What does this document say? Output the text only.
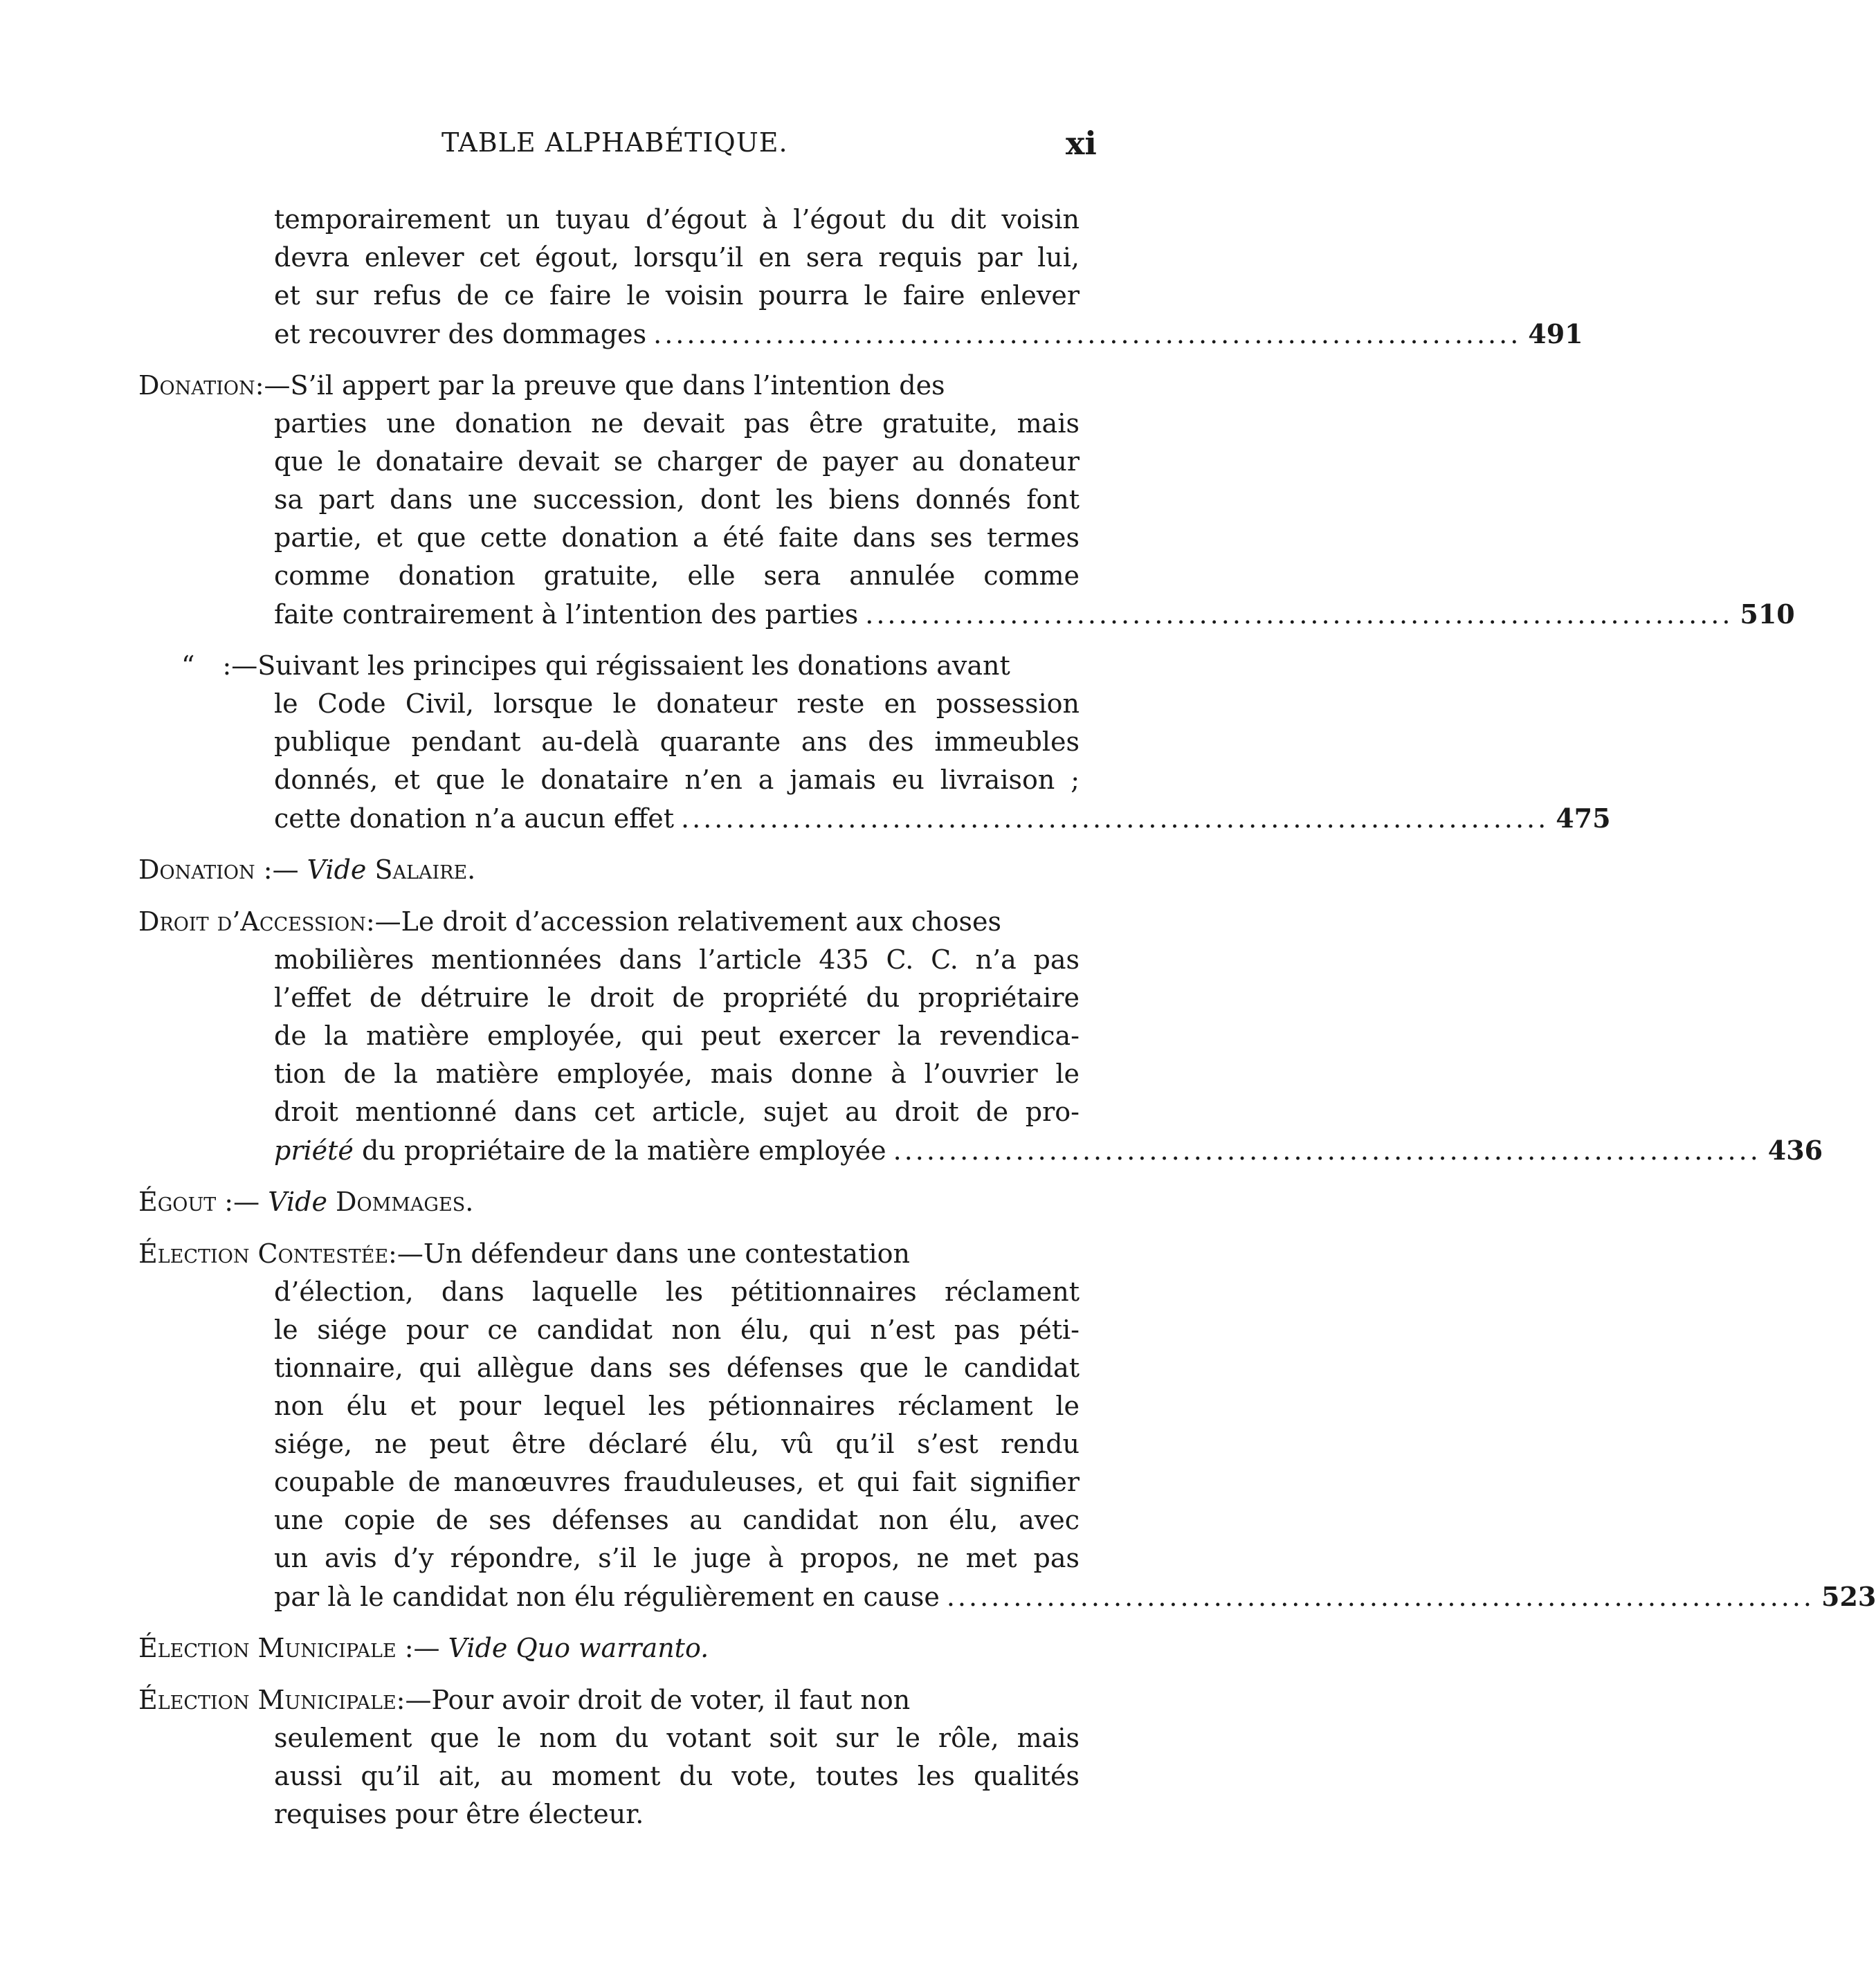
TABLE ALPHABÉTIQUE.	xi
temporairement un tuyau d’égout à l’égout du dit voisin
devra enlever cet égout, lorsqu’il en sera requis par lui,
et sur refus de ce faire le voisin pourra le faire enlever
et recouvrer des dommages .............................................................................. 491
Donation:—S’il appert par la preuve que dans l’intention des
parties une donation ne devait pas être gratuite, mais
que le donataire devait se charger de payer au donateur
sa part dans une succession, dont les biens donnés font
partie, et que cette donation a été faite dans ses termes
comme donation gratuite, elle sera annulée comme
faite contrairement à l’intention des parties .............................................................................. 510
“ :—Suivant les principes qui régissaient les donations avant
le Code Civil, lorsque le donateur reste en possession
publique pendant au-delà quarante ans des immeubles
donnés, et que le donataire n’en a jamais eu livraison ;
cette donation n’a aucun effet .............................................................................. 475
Donation :— Vide Salaire.
Droit d’Accession:—Le droit d’accession relativement aux choses
mobilières mentionnées dans l’article 435 C. C. n’a pas
l’effet de détruire le droit de propriété du propriétaire
de la matière employée, qui peut exercer la revendica-
tion de la matière employée, mais donne à l’ouvrier le
droit mentionné dans cet article, sujet au droit de pro-
priété du propriétaire de la matière employée .............................................................................. 436
Égout :— Vide Dommages.
Élection Contestée:—Un défendeur dans une contestation
d’élection, dans laquelle les pétitionnaires réclament
le siége pour ce candidat non élu, qui n’est pas péti-
tionnaire, qui allègue dans ses défenses que le candidat
non élu et pour lequel les pétionnaires réclament le
siége, ne peut être déclaré élu, vû qu’il s’est rendu
coupable de manœuvres frauduleuses, et qui fait signifier
une copie de ses défenses au candidat non élu, avec
un avis d’y répondre, s’il le juge à propos, ne met pas
par là le candidat non élu régulièrement en cause .............................................................................. 523
Élection Municipale :— Vide Quo warranto.
Élection Municipale:—Pour avoir droit de voter, il faut non
seulement que le nom du votant soit sur le rôle, mais
aussi qu’il ait, au moment du vote, toutes les qualités
requises pour être électeur.
